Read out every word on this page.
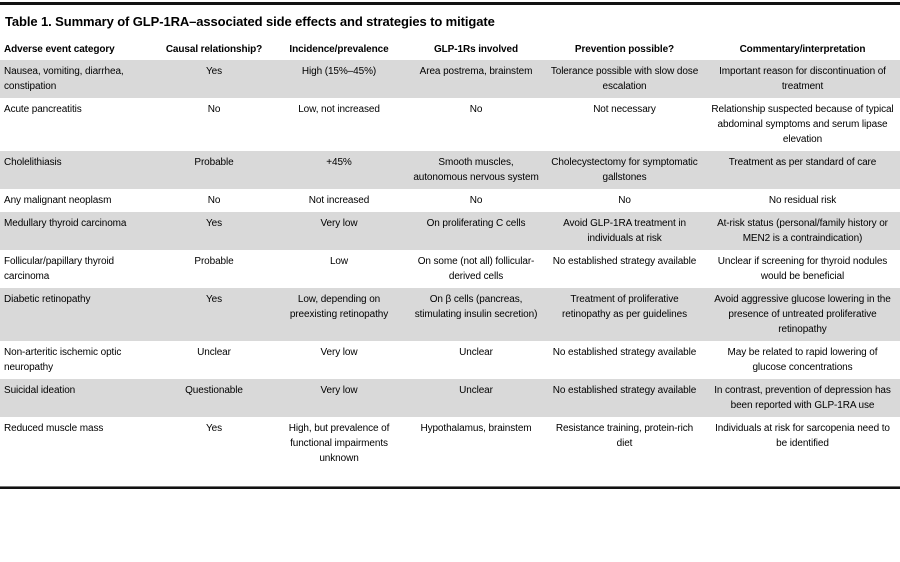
Table 1. Summary of GLP-1RA–associated side effects and strategies to mitigate
Adverse event category	Causal relationship?	Incidence/prevalence	GLP-1Rs involved	Prevention possible?	Commentary/interpretation
Nausea, vomiting, diarrhea, constipation	Yes	High (15%–45%)	Area postrema, brainstem	Tolerance possible with slow dose escalation	Important reason for discontinuation of treatment
Acute pancreatitis	No	Low, not increased	No	Not necessary	Relationship suspected because of typical abdominal symptoms and serum lipase elevation
Cholelithiasis	Probable	+45%	Smooth muscles, autonomous nervous system	Cholecystectomy for symptomatic gallstones	Treatment as per standard of care
Any malignant neoplasm	No	Not increased	No	No	No residual risk
Medullary thyroid carcinoma	Yes	Very low	On proliferating C cells	Avoid GLP-1RA treatment in individuals at risk	At-risk status (personal/family history or MEN2 is a contraindication)
Follicular/papillary thyroid carcinoma	Probable	Low	On some (not all) follicular-derived cells	No established strategy available	Unclear if screening for thyroid nodules would be beneficial
Diabetic retinopathy	Yes	Low, depending on preexisting retinopathy	On β cells (pancreas, stimulating insulin secretion)	Treatment of proliferative retinopathy as per guidelines	Avoid aggressive glucose lowering in the presence of untreated proliferative retinopathy
Non-arteritic ischemic optic neuropathy	Unclear	Very low	Unclear	No established strategy available	May be related to rapid lowering of glucose concentrations
Suicidal ideation	Questionable	Very low	Unclear	No established strategy available	In contrast, prevention of depression has been reported with GLP-1RA use
Reduced muscle mass	Yes	High, but prevalence of functional impairments unknown	Hypothalamus, brainstem	Resistance training, protein-rich diet	Individuals at risk for sarcopenia need to be identified
